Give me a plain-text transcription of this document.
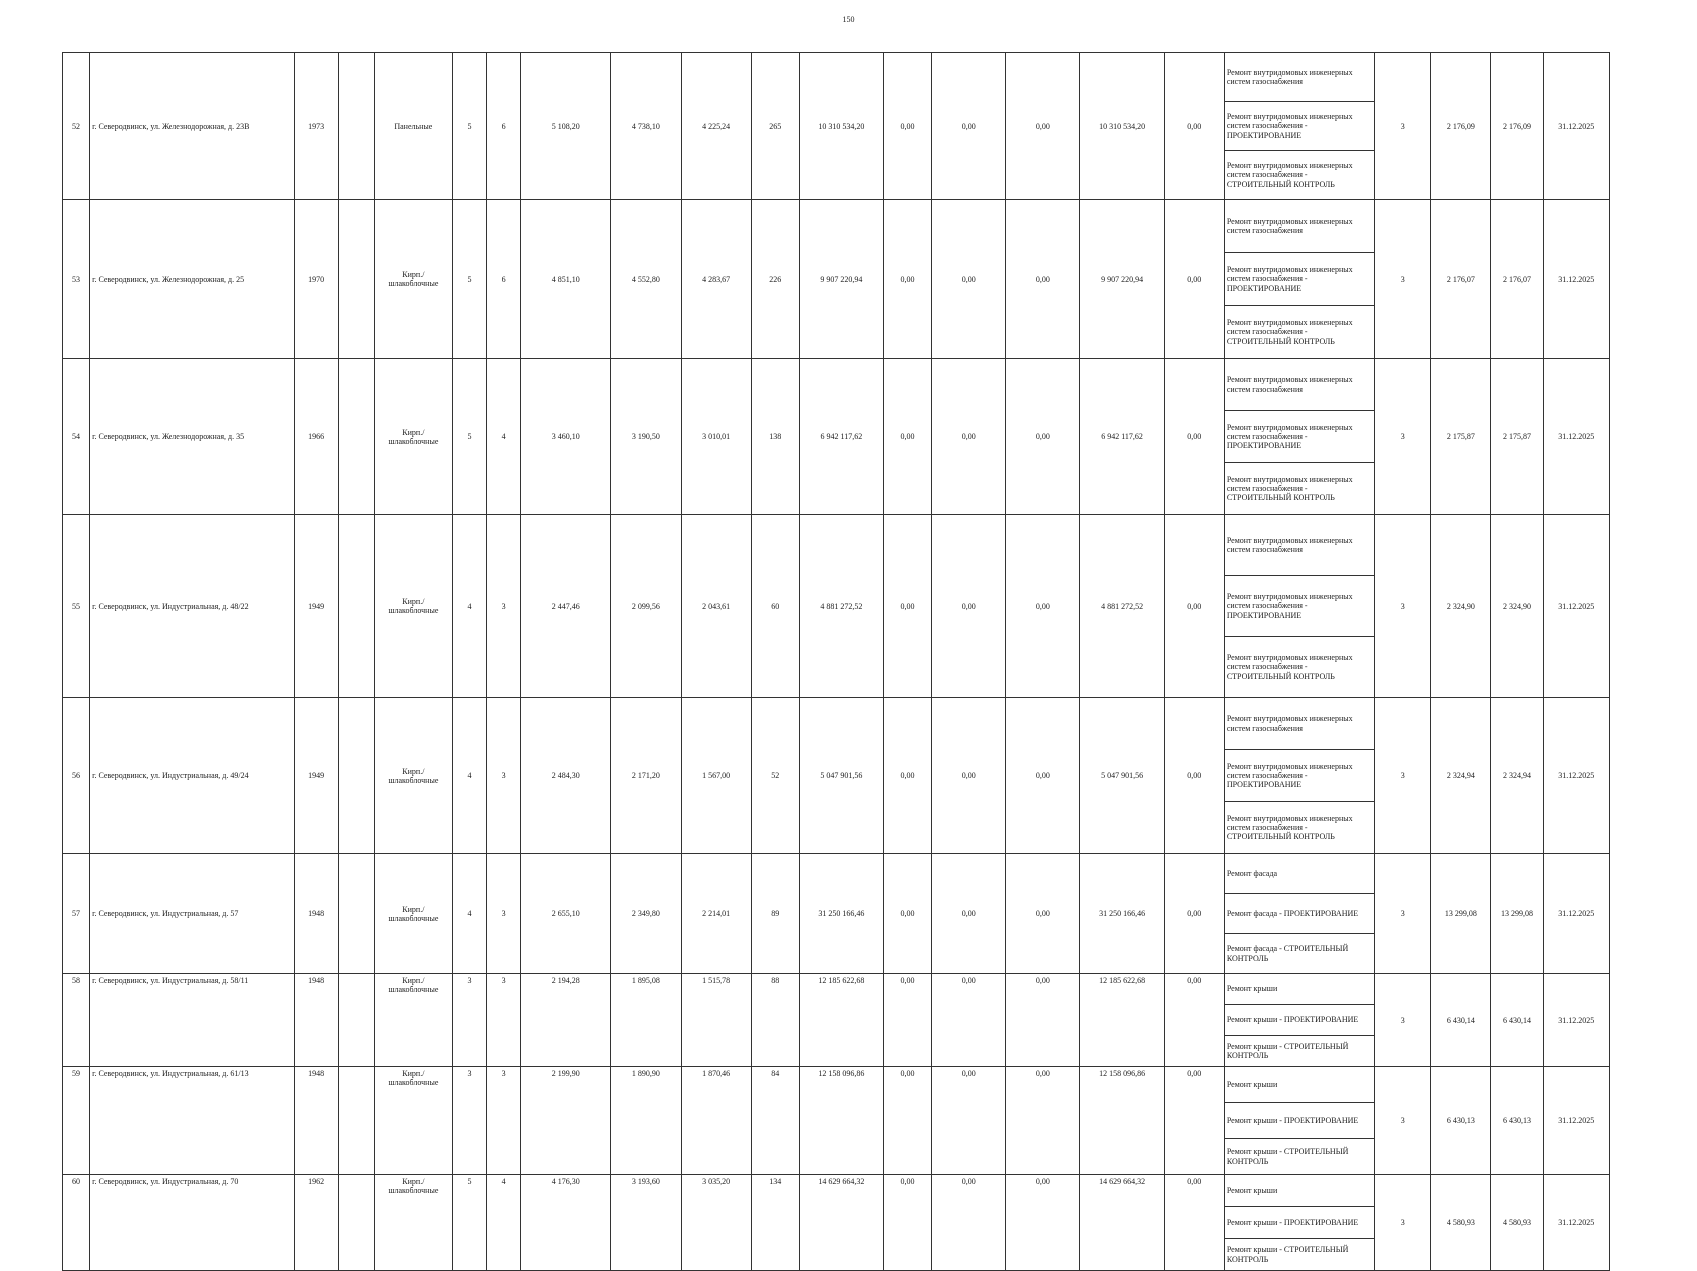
150
52	г. Северодвинск, ул. Железнодорожная, д. 23В	1973		Панельные	5	6	5 108,20	4 738,10	4 225,24	265	10 310 534,20	0,00	0,00	0,00	10 310 534,20	0,00	Ремонт внутридомовых инженерных систем газоснабжения	3	2 176,09	2 176,09	31.12.2025
																	Ремонт внутридомовых инженерных систем газоснабжения - ПРОЕКТИРОВАНИЕ				
																	Ремонт внутридомовых инженерных систем газоснабжения - СТРОИТЕЛЬНЫЙ КОНТРОЛЬ				
53	г. Северодвинск, ул. Железнодорожная, д. 25	1970		Кирп./ шлакоблочные	5	6	4 851,10	4 552,80	4 283,67	226	9 907 220,94	0,00	0,00	0,00	9 907 220,94	0,00	Ремонт внутридомовых инженерных систем газоснабжения	3	2 176,07	2 176,07	31.12.2025
																	Ремонт внутридомовых инженерных систем газоснабжения - ПРОЕКТИРОВАНИЕ				
																	Ремонт внутридомовых инженерных систем газоснабжения - СТРОИТЕЛЬНЫЙ КОНТРОЛЬ				
54	г. Северодвинск, ул. Железнодорожная, д. 35	1966		Кирп./ шлакоблочные	5	4	3 460,10	3 190,50	3 010,01	138	6 942 117,62	0,00	0,00	0,00	6 942 117,62	0,00	Ремонт внутридомовых инженерных систем газоснабжения	3	2 175,87	2 175,87	31.12.2025
																	Ремонт внутридомовых инженерных систем газоснабжения - ПРОЕКТИРОВАНИЕ				
																	Ремонт внутридомовых инженерных систем газоснабжения - СТРОИТЕЛЬНЫЙ КОНТРОЛЬ				
55	г. Северодвинск, ул. Индустриальная, д. 48/22	1949		Кирп./ шлакоблочные	4	3	2 447,46	2 099,56	2 043,61	60	4 881 272,52	0,00	0,00	0,00	4 881 272,52	0,00	Ремонт внутридомовых инженерных систем газоснабжения	3	2 324,90	2 324,90	31.12.2025
																	Ремонт внутридомовых инженерных систем газоснабжения - ПРОЕКТИРОВАНИЕ				
																	Ремонт внутридомовых инженерных систем газоснабжения - СТРОИТЕЛЬНЫЙ КОНТРОЛЬ				
56	г. Северодвинск, ул. Индустриальная, д. 49/24	1949		Кирп./ шлакоблочные	4	3	2 484,30	2 171,20	1 567,00	52	5 047 901,56	0,00	0,00	0,00	5 047 901,56	0,00	Ремонт внутридомовых инженерных систем газоснабжения	3	2 324,94	2 324,94	31.12.2025
																	Ремонт внутридомовых инженерных систем газоснабжения - ПРОЕКТИРОВАНИЕ				
																	Ремонт внутридомовых инженерных систем газоснабжения - СТРОИТЕЛЬНЫЙ КОНТРОЛЬ				
57	г. Северодвинск, ул. Индустриальная, д. 57	1948		Кирп./ шлакоблочные	4	3	2 655,10	2 349,80	2 214,01	89	31 250 166,46	0,00	0,00	0,00	31 250 166,46	0,00	Ремонт фасада	3	13 299,08	13 299,08	31.12.2025
																	Ремонт фасада - ПРОЕКТИРОВАНИЕ				
																	Ремонт фасада - СТРОИТЕЛЬНЫЙ КОНТРОЛЬ				
58	г. Северодвинск, ул. Индустриальная, д. 58/11	1948		Кирп./ шлакоблочные	3	3	2 194,28	1 895,08	1 515,78	88	12 185 622,68	0,00	0,00	0,00	12 185 622,68	0,00	Ремонт крыши	3	6 430,14	6 430,14	31.12.2025
																	Ремонт крыши - ПРОЕКТИРОВАНИЕ				
																	Ремонт крыши - СТРОИТЕЛЬНЫЙ КОНТРОЛЬ				
59	г. Северодвинск, ул. Индустриальная, д. 61/13	1948		Кирп./ шлакоблочные	3	3	2 199,90	1 890,90	1 870,46	84	12 158 096,86	0,00	0,00	0,00	12 158 096,86	0,00	Ремонт крыши	3	6 430,13	6 430,13	31.12.2025
																	Ремонт крыши - ПРОЕКТИРОВАНИЕ				
																	Ремонт крыши - СТРОИТЕЛЬНЫЙ КОНТРОЛЬ				
60	г. Северодвинск, ул. Индустриальная, д. 70	1962		Кирп./ шлакоблочные	5	4	4 176,30	3 193,60	3 035,20	134	14 629 664,32	0,00	0,00	0,00	14 629 664,32	0,00	Ремонт крыши	3	4 580,93	4 580,93	31.12.2025
																	Ремонт крыши - ПРОЕКТИРОВАНИЕ				
																	Ремонт крыши - СТРОИТЕЛЬНЫЙ КОНТРОЛЬ				
